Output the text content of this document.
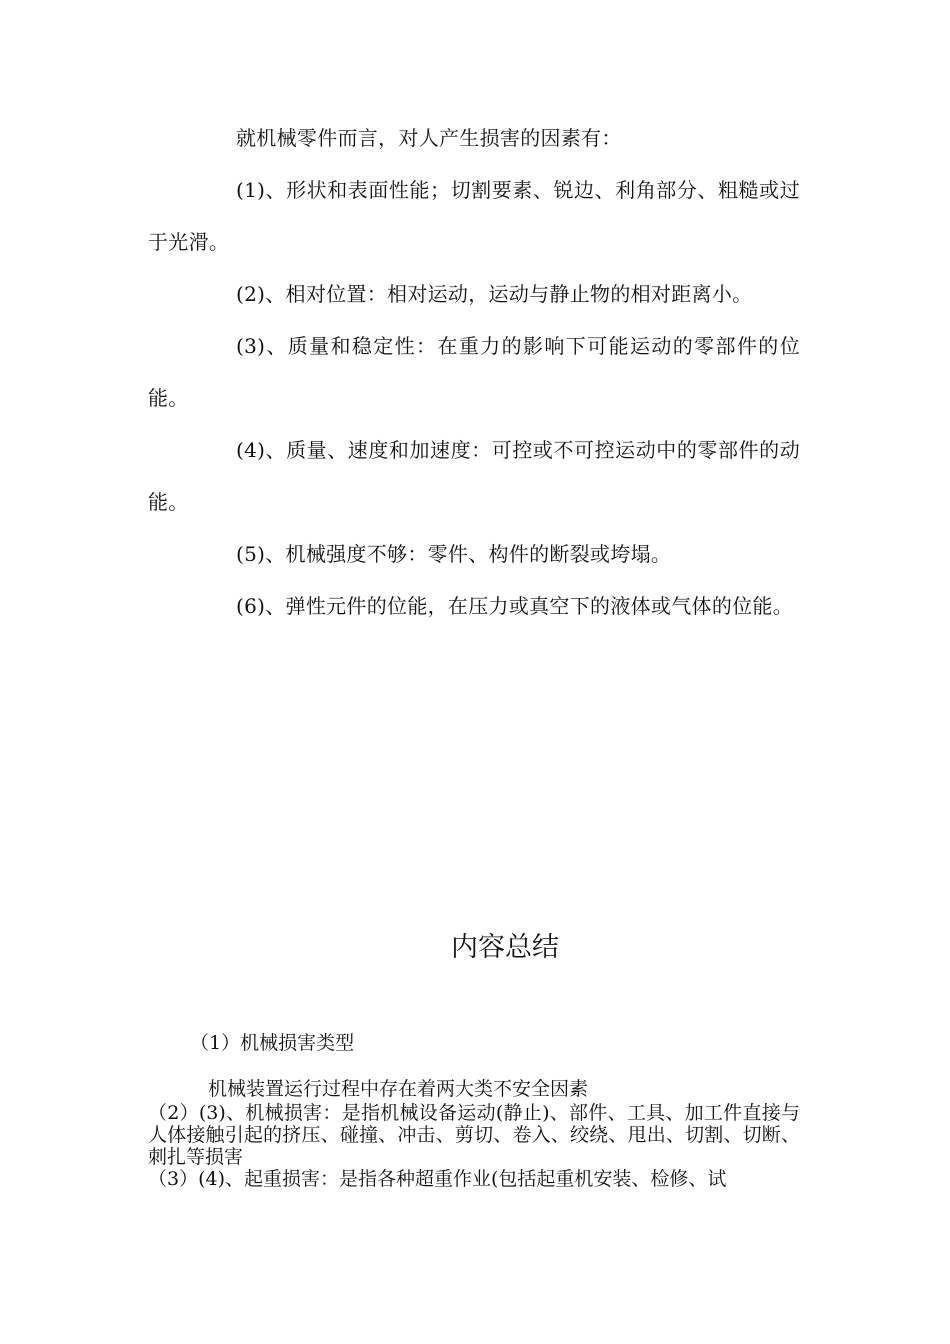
就机械零件而言，对人产生损害的因素有：

(1)、形状和表面性能；切割要素、锐边、利角部分、粗糙或过于光滑。

(2)、相对位置：相对运动，运动与静止物的相对距离小。

(3)、质量和稳定性：在重力的影响下可能运动的零部件的位能。

(4)、质量、速度和加速度：可控或不可控运动中的零部件的动能。

(5)、机械强度不够：零件、构件的断裂或垮塌。

(6)、弹性元件的位能，在压力或真空下的液体或气体的位能。

内容总结

（1）机械损害类型

机械装置运行过程中存在着两大类不安全因素

（2）(3)、机械损害：是指机械设备运动(静止)、部件、工具、加工件直接与人体接触引起的挤压、碰撞、冲击、剪切、卷入、绞绕、甩出、切割、切断、刺扎等损害
（3）(4)、起重损害：是指各种超重作业(包括起重机安装、检修、试
